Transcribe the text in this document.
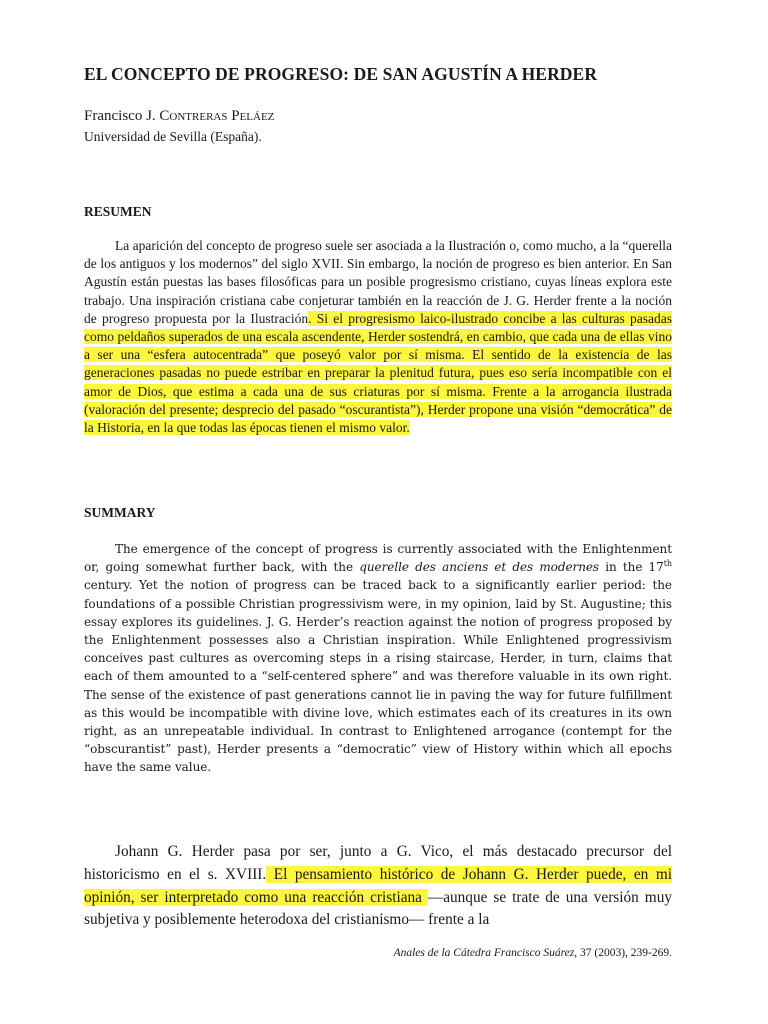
EL CONCEPTO DE PROGRESO: DE SAN AGUSTÍN A HERDER
Francisco J. Contreras Peláez
Universidad de Sevilla (España).
RESUMEN

La aparición del concepto de progreso suele ser asociada a la Ilustración o, como mucho, a la “querella de los antiguos y los modernos” del siglo XVII. Sin embargo, la noción de progreso es bien anterior. En San Agustín están puestas las bases filosóficas para un posible progresismo cristiano, cuyas líneas explora este trabajo. Una inspiración cristiana cabe conjeturar también en la reacción de J. G. Herder frente a la noción de progreso propuesta por la Ilustración. Si el progresismo laico-ilustrado concibe a las culturas pasadas como peldaños superados de una escala ascendente, Herder sostendrá, en cambio, que cada una de ellas vino a ser una “esfera autocentrada” que poseyó valor por sí misma. El sentido de la existencia de las generaciones pasadas no puede estribar en preparar la plenitud futura, pues eso sería incompatible con el amor de Dios, que estima a cada una de sus criaturas por sí misma. Frente a la arrogancia ilustrada (valoración del presente; desprecio del pasado “oscurantista”), Herder propone una visión “democrática” de la Historia, en la que todas las épocas tienen el mismo valor.

SUMMARY

The emergence of the concept of progress is currently associated with the Enlightenment or, going somewhat further back, with the querelle des anciens et des modernes in the 17th century. Yet the notion of progress can be traced back to a significantly earlier period: the foundations of a possible Christian progressivism were, in my opinion, laid by St. Augustine; this essay explores its guidelines. J. G. Herder’s reaction against the notion of progress proposed by the Enlightenment possesses also a Christian inspiration. While Enlightened progressivism conceives past cultures as overcoming steps in a rising staircase, Herder, in turn, claims that each of them amounted to a “self-centered sphere” and was therefore valuable in its own right. The sense of the existence of past generations cannot lie in paving the way for future fulfillment as this would be incompatible with divine love, which estimates each of its creatures in its own right, as an unrepeatable individual. In contrast to Enlightened arrogance (contempt for the “obscurantist” past), Herder presents a “democratic” view of History within which all epochs have the same value.

Johann G. Herder pasa por ser, junto a G. Vico, el más destacado precursor del historicismo en el s. XVIII. El pensamiento histórico de Johann G. Herder puede, en mi opinión, ser interpretado como una reacción cristiana —aunque se trate de una versión muy subjetiva y posiblemente heterodoxa del cristianismo— frente a la

Anales de la Cátedra Francisco Suárez, 37 (2003), 239-269.
